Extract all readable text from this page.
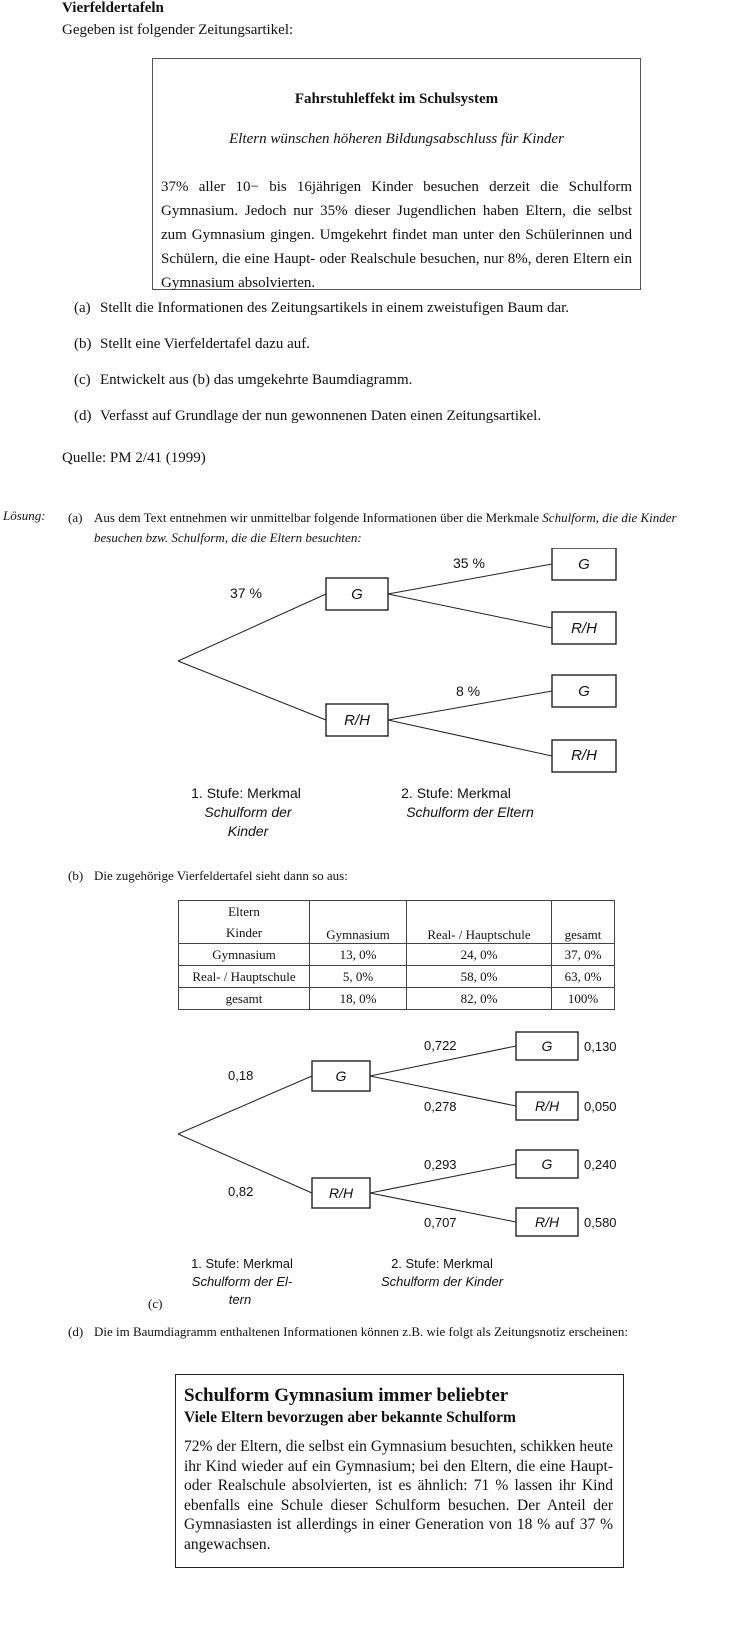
Vierfeldertafeln
Gegeben ist folgender Zeitungsartikel:
Fahrstuhleffekt im Schulsystem
Eltern wünschen höheren Bildungsabschluss für Kinder
37% aller 10− bis 16jährigen Kinder besuchen derzeit die Schulform Gymnasium. Jedoch nur 35% dieser Jugendlichen haben Eltern, die selbst zum Gymnasium gingen. Umgekehrt findet man unter den Schülerinnen und Schülern, die eine Haupt- oder Realschule besuchen, nur 8%, deren Eltern ein Gymnasium absolvierten.
(a) Stellt die Informationen des Zeitungsartikels in einem zweistufigen Baum dar.
(b) Stellt eine Vierfeldertafel dazu auf.
(c) Entwickelt aus (b) das umgekehrte Baumdiagramm.
(d) Verfasst auf Grundlage der nun gewonnenen Daten einen Zeitungsartikel.
Quelle: PM 2/41 (1999)
Lösung: (a) Aus dem Text entnehmen wir unmittelbar folgende Informationen über die Merkmale Schulform, die die Kinder besuchen bzw. Schulform, die die Eltern besuchten:
G
R/H
G
R/H
G
R/H
37 %
35 %
8 %
1. Stufe: Merkmal
Schulform der
Kinder
2. Stufe: Merkmal
Schulform der Eltern
(b) Die zugehörige Vierfeldertafel sieht dann so aus:
Eltern
Kinder	Gymnasium	Real- / Hauptschule	gesamt
Gymnasium	13, 0%	24, 0%	37, 0%
Real- / Hauptschule	5, 0%	58, 0%	63, 0%
gesamt	18, 0%	82, 0%	100%
G
R/H
G
R/H
G
R/H
0,18
0,82
0,722
0,278
0,293
0,707
0,130
0,050
0,240
0,580
1. Stufe: Merkmal
Schulform der El-
tern
2. Stufe: Merkmal
Schulform der Kinder
(c)
(d) Die im Baumdiagramm enthaltenen Informationen können z.B. wie folgt als Zeitungsnotiz erscheinen:
Schulform Gymnasium immer beliebter
Viele Eltern bevorzugen aber bekannte Schulform
72% der Eltern, die selbst ein Gymnasium besuchten, schikken heute ihr Kind wieder auf ein Gymnasium; bei den Eltern, die eine Haupt- oder Realschule absolvierten, ist es ähnlich: 71 % lassen ihr Kind ebenfalls eine Schule dieser Schulform besuchen. Der Anteil der Gymnasiasten ist allerdings in einer Generation von 18 % auf 37 % angewachsen.
